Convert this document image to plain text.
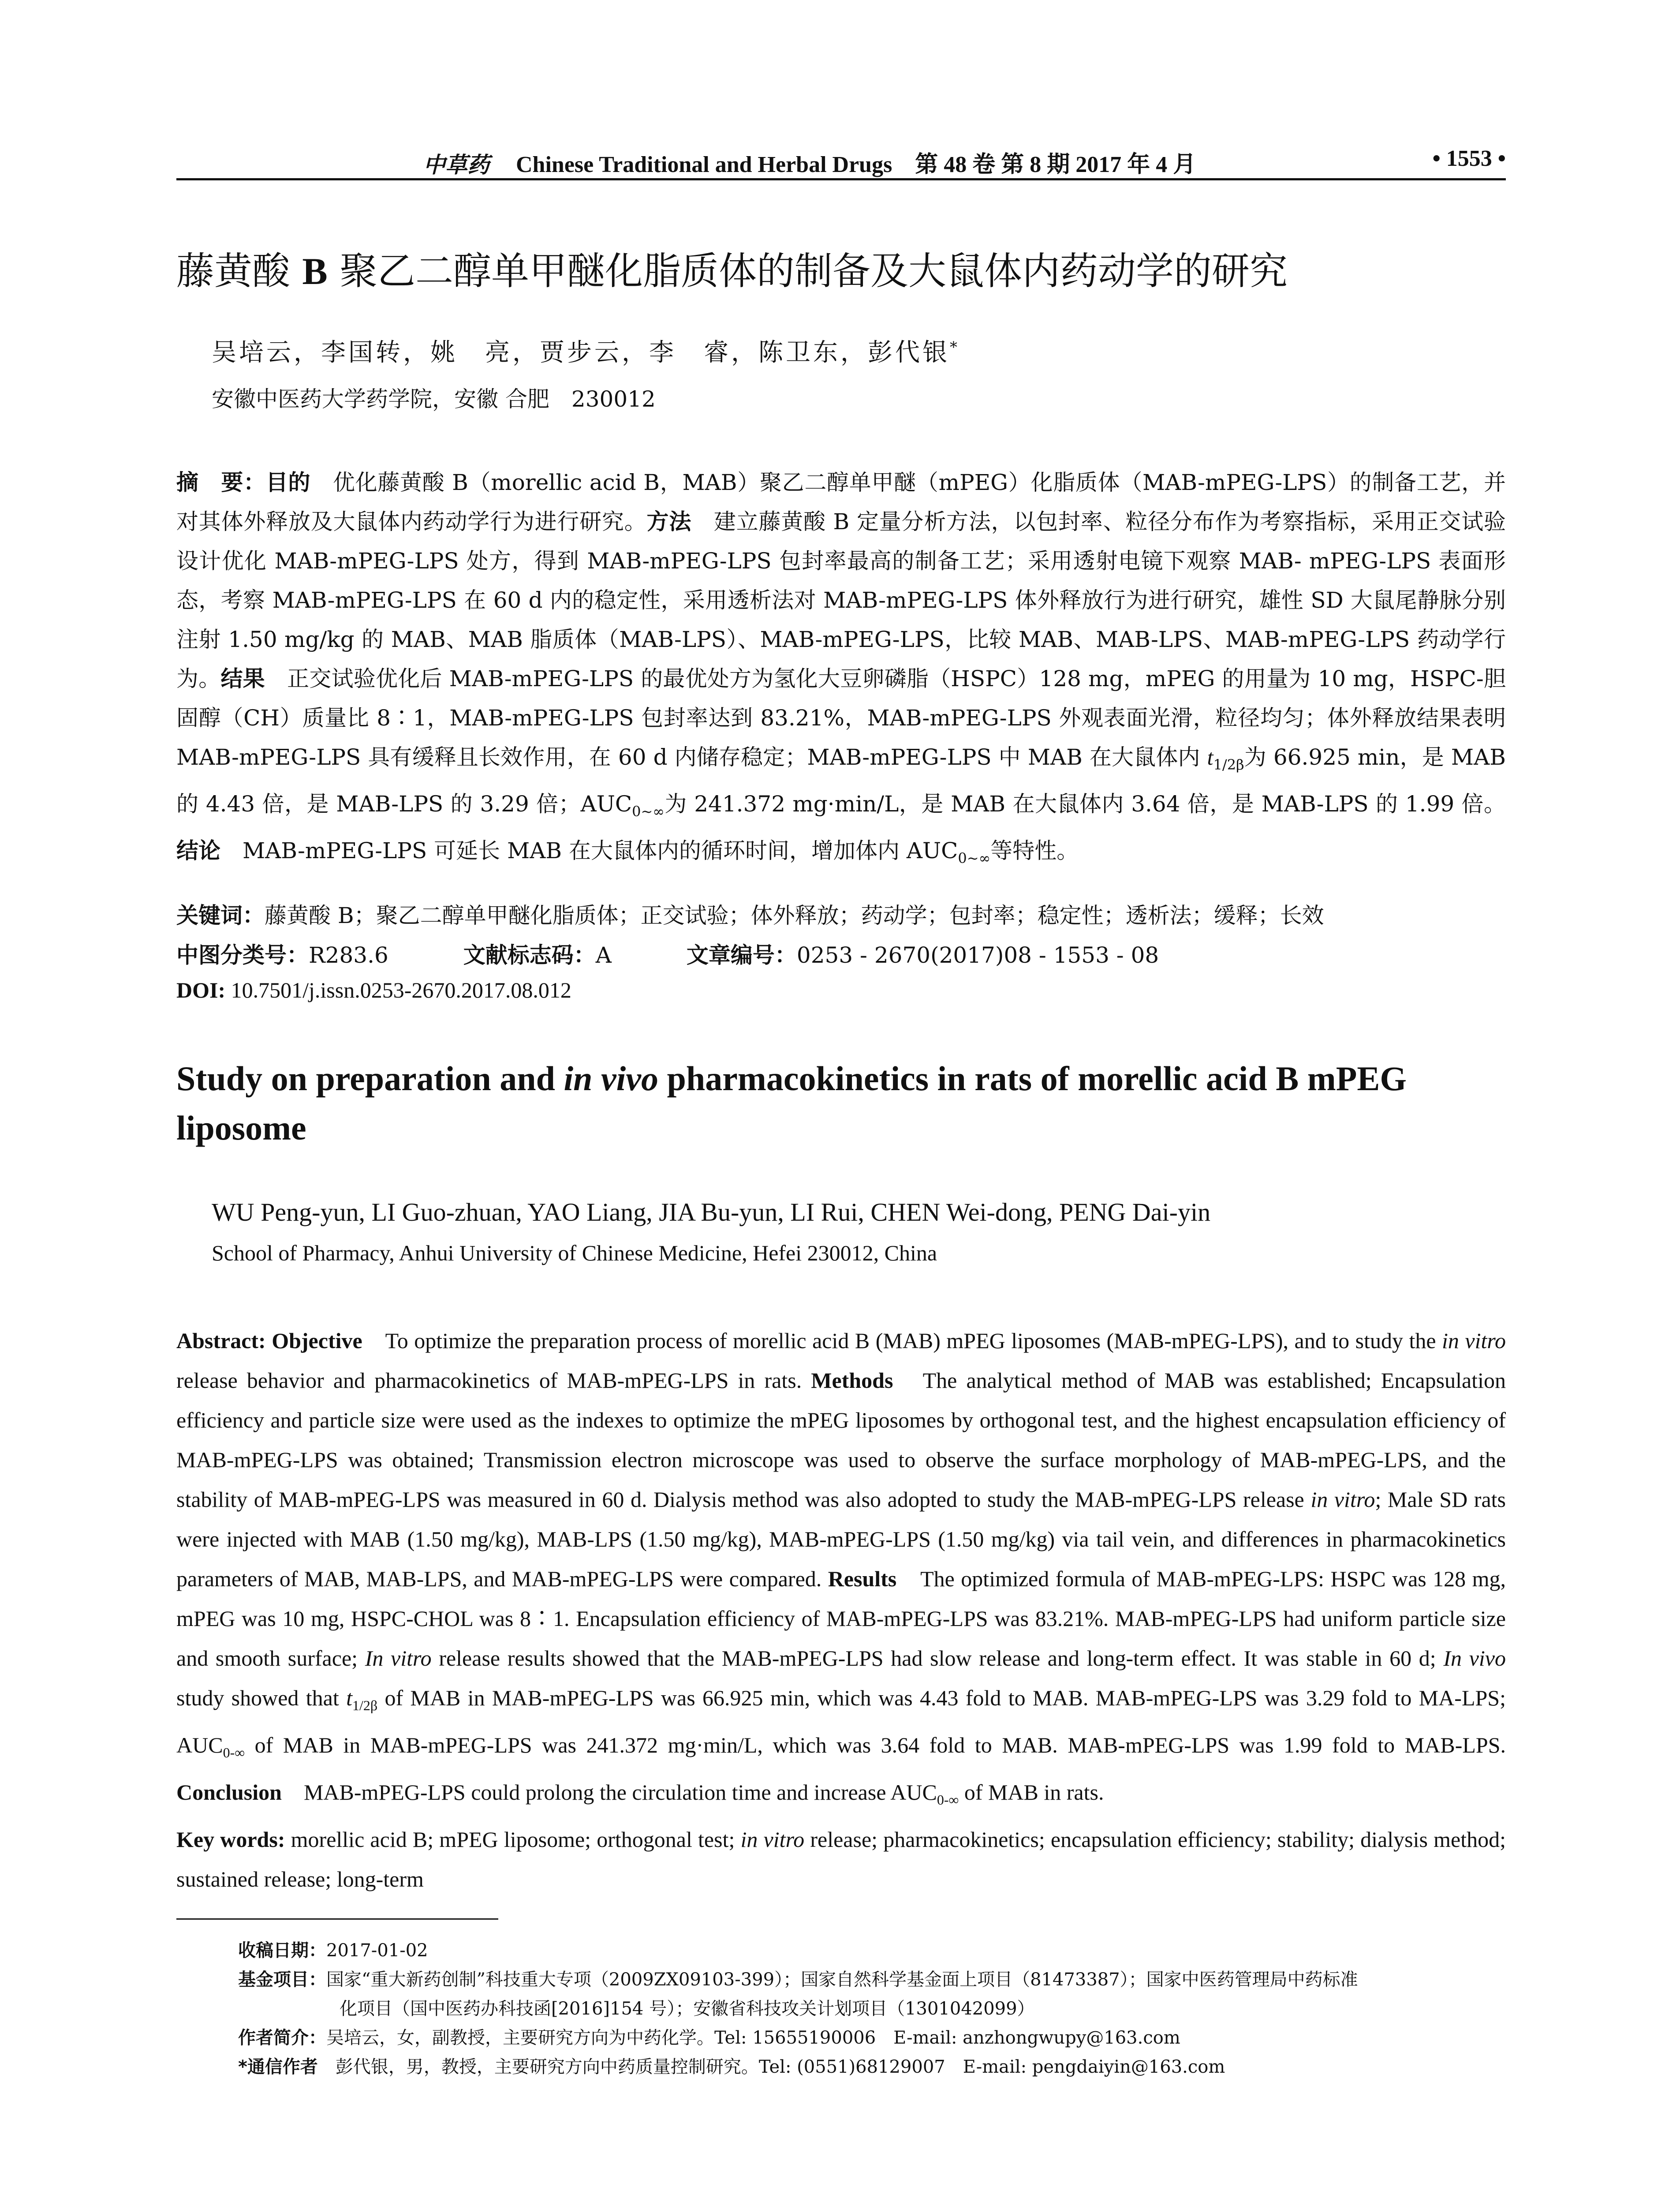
中草药 Chinese Traditional and Herbal Drugs　第 48 卷 第 8 期 2017 年 4 月	• 1553 •
藤黄酸 B 聚乙二醇单甲醚化脂质体的制备及大鼠体内药动学的研究
吴培云，李国转，姚　亮，贾步云，李　睿，陈卫东，彭代银*
安徽中医药大学药学院，安徽 合肥　230012
摘　要：目的　优化藤黄酸 B（morellic acid B，MAB）聚乙二醇单甲醚（mPEG）化脂质体（MAB-mPEG-LPS）的制备工艺，并对其体外释放及大鼠体内药动学行为进行研究。方法　建立藤黄酸 B 定量分析方法，以包封率、粒径分布作为考察指标，采用正交试验设计优化 MAB-mPEG-LPS 处方，得到 MAB-mPEG-LPS 包封率最高的制备工艺；采用透射电镜下观察 MAB- mPEG-LPS 表面形态，考察 MAB-mPEG-LPS 在 60 d 内的稳定性，采用透析法对 MAB-mPEG-LPS 体外释放行为进行研究，雄性 SD 大鼠尾静脉分别注射 1.50 mg/kg 的 MAB、MAB 脂质体（MAB-LPS）、MAB-mPEG-LPS，比较 MAB、MAB-LPS、MAB-mPEG-LPS 药动学行为。结果　正交试验优化后 MAB-mPEG-LPS 的最优处方为氢化大豆卵磷脂（HSPC）128 mg，mPEG 的用量为 10 mg，HSPC-胆固醇（CH）质量比 8∶1，MAB-mPEG-LPS 包封率达到 83.21%，MAB-mPEG-LPS 外观表面光滑，粒径均匀；体外释放结果表明 MAB-mPEG-LPS 具有缓释且长效作用，在 60 d 内储存稳定；MAB-mPEG-LPS 中 MAB 在大鼠体内 $t_{1/2\beta}$为 66.925 min，是 MAB 的 4.43 倍，是 MAB-LPS 的 3.29 倍；$AUC_{0\sim\infty}$为 241.372 mg·min/L，是 MAB 在大鼠体内 3.64 倍，是 MAB-LPS 的 1.99 倍。结论　MAB-mPEG-LPS 可延长 MAB 在大鼠体内的循环时间，增加体内 $AUC_{0\sim\infty}$等特性。
关键词：藤黄酸 B；聚乙二醇单甲醚化脂质体；正交试验；体外释放；药动学；包封率；稳定性；透析法；缓释；长效
中图分类号：R283.6	文献标志码：A	文章编号：0253 - 2670(2017)08 - 1553 - 08
DOI: 10.7501/j.issn.0253-2670.2017.08.012
Study on preparation and in vivo pharmacokinetics in rats of morellic acid B mPEG liposome
WU Peng-yun, LI Guo-zhuan, YAO Liang, JIA Bu-yun, LI Rui, CHEN Wei-dong, PENG Dai-yin
School of Pharmacy, Anhui University of Chinese Medicine, Hefei 230012, China
Abstract: Objective　To optimize the preparation process of morellic acid B (MAB) mPEG liposomes (MAB-mPEG-LPS), and to study the in vitro release behavior and pharmacokinetics of MAB-mPEG-LPS in rats. Methods　The analytical method of MAB was established; Encapsulation efficiency and particle size were used as the indexes to optimize the mPEG liposomes by orthogonal test, and the highest encapsulation efficiency of MAB-mPEG-LPS was obtained; Transmission electron microscope was used to observe the surface morphology of MAB-mPEG-LPS, and the stability of MAB-mPEG-LPS was measured in 60 d. Dialysis method was also adopted to study the MAB-mPEG-LPS release in vitro; Male SD rats were injected with MAB (1.50 mg/kg), MAB-LPS (1.50 mg/kg), MAB-mPEG-LPS (1.50 mg/kg) via tail vein, and differences in pharmacokinetics parameters of MAB, MAB-LPS, and MAB-mPEG-LPS were compared. Results　The optimized formula of MAB-mPEG-LPS: HSPC was 128 mg, mPEG was 10 mg, HSPC-CHOL was 8∶1. Encapsulation efficiency of MAB-mPEG-LPS was 83.21%. MAB-mPEG-LPS had uniform particle size and smooth surface; In vitro release results showed that the MAB-mPEG-LPS had slow release and long-term effect. It was stable in 60 d; In vivo study showed that $t_{1/2\beta}$ of MAB in MAB-mPEG-LPS was 66.925 min, which was 4.43 fold to MAB. MAB-mPEG-LPS was 3.29 fold to MA-LPS; $AUC_{0-\infty}$ of MAB in MAB-mPEG-LPS was 241.372 mg·min/L, which was 3.64 fold to MAB. MAB-mPEG-LPS was 1.99 fold to MAB-LPS. Conclusion　MAB-mPEG-LPS could prolong the circulation time and increase $AUC_{0-\infty}$ of MAB in rats.
Key words: morellic acid B; mPEG liposome; orthogonal test; in vitro release; pharmacokinetics; encapsulation efficiency; stability; dialysis method; sustained release; long-term
收稿日期：2017-01-02
基金项目：国家“重大新药创制”科技重大专项（2009ZX09103-399）；国家自然科学基金面上项目（81473387）；国家中医药管理局中药标准
化项目（国中医药办科技函[2016]154 号）；安徽省科技攻关计划项目（1301042099）
作者简介：吴培云，女，副教授，主要研究方向为中药化学。Tel: 15655190006　E-mail: anzhongwupy@163.com
*通信作者　彭代银，男，教授，主要研究方向中药质量控制研究。Tel: (0551)68129007　E-mail: pengdaiyin@163.com
